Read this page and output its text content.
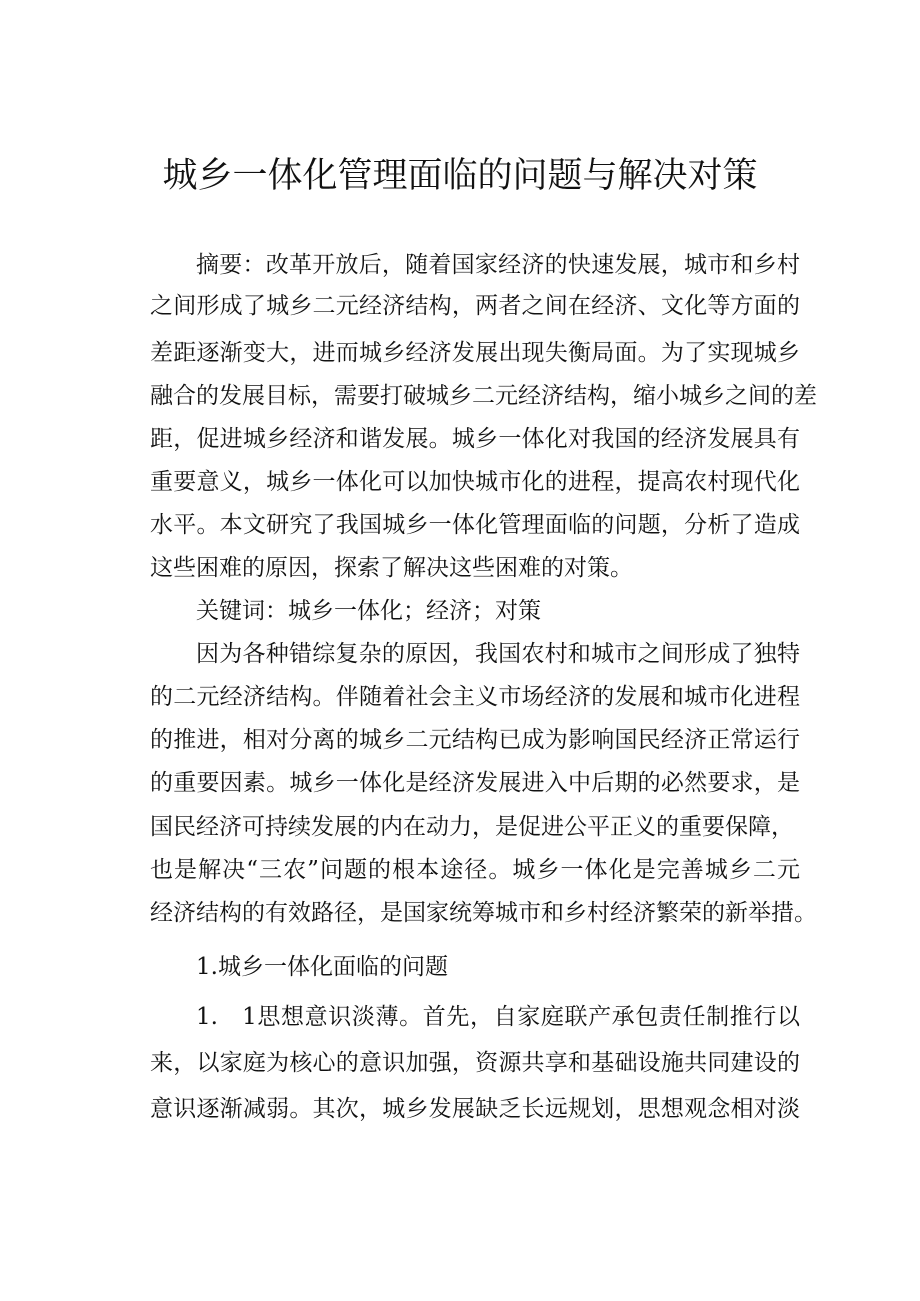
城乡一体化管理面临的问题与解决对策

摘要：改革开放后，随着国家经济的快速发展，城市和乡村

之间形成了城乡二元经济结构，两者之间在经济、文化等方面的

差距逐渐变大，进而城乡经济发展出现失衡局面。为了实现城乡

融合的发展目标，需要打破城乡二元经济结构，缩小城乡之间的差

距，促进城乡经济和谐发展。城乡一体化对我国的经济发展具有

重要意义，城乡一体化可以加快城市化的进程，提高农村现代化

水平。本文研究了我国城乡一体化管理面临的问题，分析了造成

这些困难的原因，探索了解决这些困难的对策。

关键词：城乡一体化；经济；对策

因为各种错综复杂的原因，我国农村和城市之间形成了独特

的二元经济结构。伴随着社会主义市场经济的发展和城市化进程

的推进，相对分离的城乡二元结构已成为影响国民经济正常运行

的重要因素。城乡一体化是经济发展进入中后期的必然要求，是

国民经济可持续发展的内在动力，是促进公平正义的重要保障，

也是解决“三农”问题的根本途径。城乡一体化是完善城乡二元

经济结构的有效路径，是国家统筹城市和乡村经济繁荣的新举措。

1.城乡一体化面临的问题

1.　1思想意识淡薄。首先，自家庭联产承包责任制推行以

来，以家庭为核心的意识加强，资源共享和基础设施共同建设的

意识逐渐减弱。其次，城乡发展缺乏长远规划，思想观念相对淡
